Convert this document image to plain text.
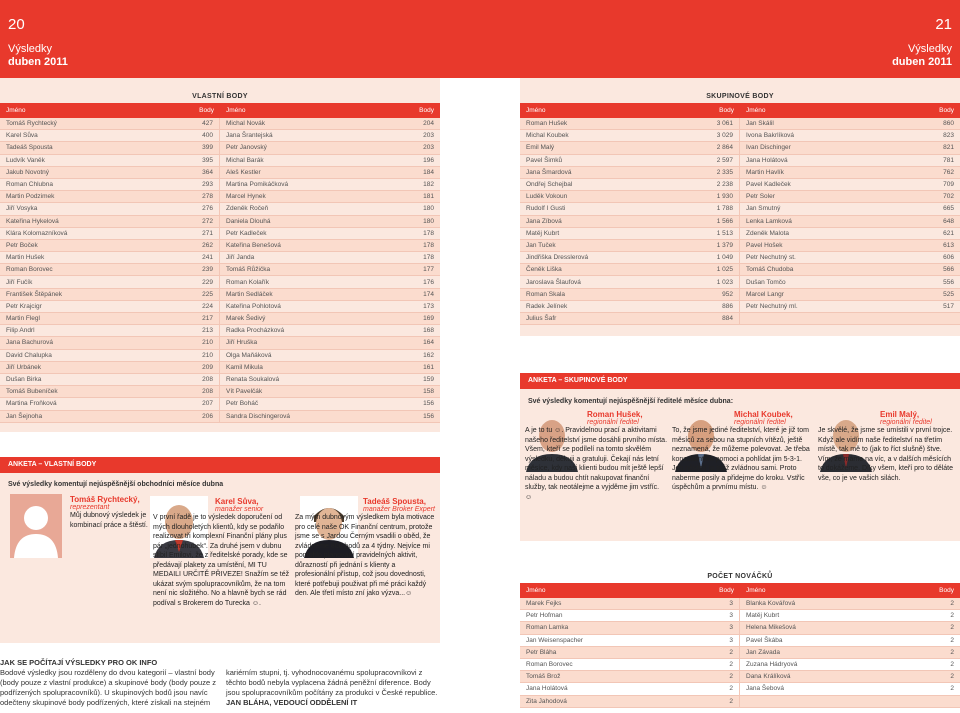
20
Výsledky
duben 2011
21
Výsledky
duben 2011
VLASTNÍ BODY
Jméno	Body Jméno	Body
Tomáš Rychtecký	427 Michal Novák	204
Karel Sůva	400 Jana Šrantejská	203
Tadeáš Spousta	399 Petr Janovský	203
Ludvík Vaněk	395 Michal Barák	196
Jakub Novotný	364 Aleš Kestler	184
Roman Chlubna	293 Martina Pomikáčková	182
Martin Podzimek	278 Marcel Hynek	181
Jiří Vosyka	276 Zdeněk Ročeň	180
Kateřina Hykelová	272 Daniela Dlouhá	180
Klára Kolomazníková	271 Petr Kadleček	178
Petr Boček	262 Kateřina Benešová	178
Martin Hušek	241 Jiří Janda	178
Roman Borovec	239 Tomáš Růžička	177
Jiří Fučík	229 Roman Kolařík	176
František Štěpánek	225 Martin Sedláček	174
Petr Krajcigr	224 Kateřina Pohlotová	173
Martin Flegl	217 Marek Šedivý	169
Filip Andrl	213 Radka Procházková	168
Jana Bachurová	210 Jiří Hruška	164
David Chalupka	210 Olga Maňáková	162
Jiří Urbánek	209 Kamil Mikula	161
Dušan Birka	208 Renata Soukalová	159
Tomáš Bubeníček	208 Vít Pavelčák	158
Martina Froňková	207 Petr Boháč	156
Jan Šejnoha	206 Sandra Dischingerová	156
SKUPINOVÉ BODY
Jméno	Body Jméno	Body
Roman Hušek	3 061 Jan Skálil	860
Michal Koubek	3 029 Ivona Bakrlíková	823
Emil Malý	2 864 Ivan Dischinger	821
Pavel Šimků	2 597 Jana Holátová	781
Jana Šmardová	2 335 Martin Havlík	762
Ondřej Schejbal	2 238 Pavel Kadleček	709
Luděk Vokoun	1 930 Petr Soler	702
Rudolf I Gusti	1 788 Jan Smutný	665
Jana Zíbová	1 566 Lenka Lamková	648
Matěj Kubrt	1 513 Zdeněk Malota	621
Jan Tuček	1 379 Pavel Hošek	613
Jindřiška Dresslerová	1 049 Petr Nechutný st.	606
Čeněk Liška	1 025 Tomáš Chudoba	566
Jaroslava Šlaufová	1 023 Dušan Tomčo	556
Roman Skala	952 Marcel Langr	525
Radek Jelínek	886 Petr Nechutný ml.	517
Julius Šafr	884
ANKETA – VLASTNÍ BODY
Své výsledky komentují nejúspěšnější obchodníci měsíce dubna
Tomáš Rychtecký,
reprezentant
Můj dubnový výsledek je kombinací práce a štěstí.
Karel Sůva,
manažer senior
V první řadě je to výsledek doporučení od mých dlouholetých klientů, kdy se podařilo realizovat tři komplexní Finanční plány plus pár „jednohubek“. Za druhé jsem v dubnu slíbil Emilovi, že z ředitelské porady, kde se předávají plakety za umístění, MI TU MEDAILI URČITĚ PŘIVEZE! Snažím se též ukázat svým spolupracovníkům, že na tom není nic složitého. No a hlavně bych se rád podíval s Brokerem do Turecka ☺.
Tadeáš Spousta,
manažer Broker Expert
Za mým dubnovým výsledkem byla motivace pro celé naše OK Finanční centrum, protože jsme se s Jardou Černým vsadili o oběd, že zvládneme 800 bodů za 4 týdny. Nejvíce mi pomohlo plánování pravidelných aktivit, důrazností při jednání s klienty a profesionální přístup, což jsou dovednosti, které potřebuji použivat při mé práci každý den. Ale třetí místo zní jako výzva...☺
ANKETA – SKUPINOVÉ BODY
Své výsledky komentují nejúspěšnější ředitelé měsíce dubna:
Roman Hušek,
regionální ředitel
A je to tu ☺. Pravidelnou prací a aktivitami našeho ředitelství jsme dosáhli prvního místa. Všem, kteří se podílelí na tomto skvělém výsledku, děkuji a gratuluji. Čekají nás letní měsíce, kdy naši klienti budou mít ještě lepší náladu a budou chtít nakupovat finanční služby, tak neotálejme a vyjděme jim vstříc. ☺
Michal Koubek,
regionální ředitel
To, že jsme jediné ředitelství, které je již tom měsíců za sebou na stupních vítězů, ještě neznamená, že můžeme polevovat. Je třeba konzultantům pomoci a pohlídat jim 5-3-1. Jen někteří to totiž zvládnou sami. Proto naberme posily a přidejme do kroku. Vstříc úspěchům a prvnímu místu. ☺
Emil Malý,
regionální ředitel
Je skvělé, že jsme se umístili v první trojce. Když ale vidím naše ředitelství na třetím místě, tak mě to (jak to říct slušně) štve. Vím, že máme na víc, a v dalších měsících to dokážeme. Díky všem, kteří pro to děláte vše, co je ve vašich silách.
POČET NOVÁČKŮ
Jméno	Body Jméno	Body
Marek Fejks	3 Blanka Kovářová	2
Petr Hofman	3 Matěj Kubrt	2
Roman Lamka	3 Helena Mikešová	2
Jan Weisenspacher	3 Pavel Škába	2
Petr Bláha	2 Jan Závada	2
Roman Borovec	2 Zuzana Hádryová	2
Tomáš Brož	2 Dana Králíková	2
Jana Holátová	2 Jana Šebová	2
Zita Jahodová	2
JAK SE POČÍTAJÍ VÝSLEDKY PRO OK INFO
Bodové výsledky jsou rozděleny do dvou kategorií – vlastní body (body pouze z vlastní produkce) a skupinové body (body pouze z podřízených spolupracovníků). U skupinových bodů jsou navíc odečteny skupinové body podřízených, které získali na stejném
kariérním stupni, tj. vyhodnocovanému spolupracovníkovi z těchto bodů nebyla vyplacena žádná peněžní diference. Body jsou spolupracovníkům počítány za produkci v České republice.
JAN BLÁHA, VEDOUCÍ ODDĚLENÍ IT
